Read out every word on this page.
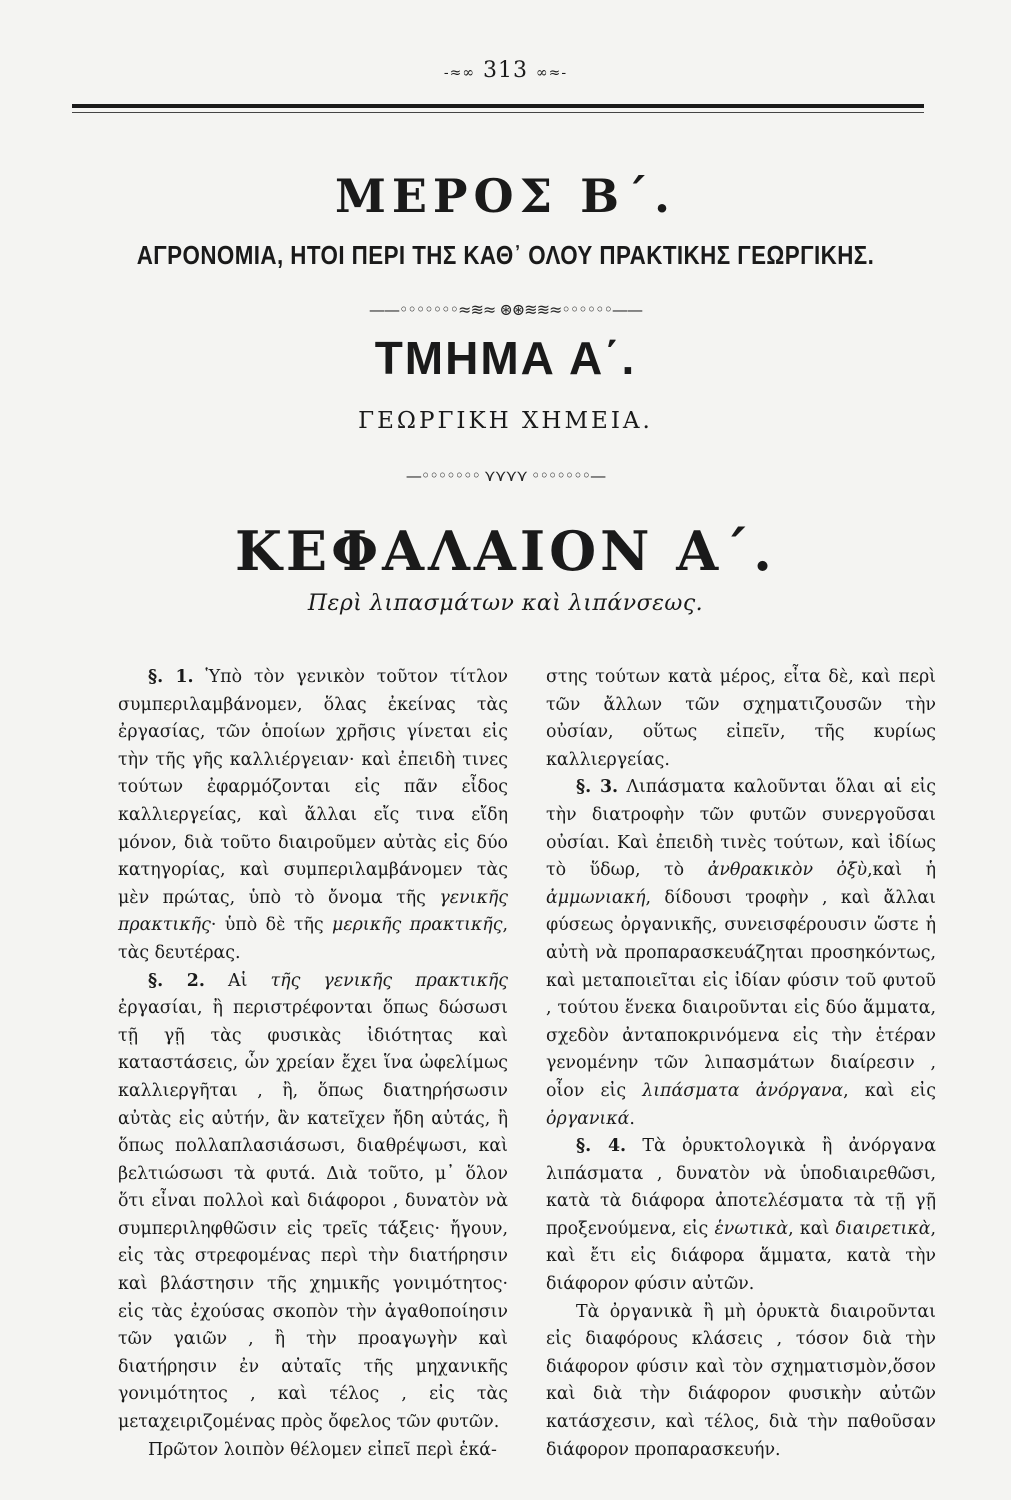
-≈∞ 313 ∞≈-
ΜΕΡΟΣ Β΄.
ΑΓΡΟΝΟΜΙΑ, ΗΤΟΙ ΠΕΡΙ ΤΗΣ ΚΑΘ᾽ ΟΛΟΥ ΠΡΑΚΤΙΚΗΣ ΓΕΩΡΓΙΚΗΣ.
——◦◦◦◦◦◦◦≈≋≈ ⊛⊛≋≋≈◦◦◦◦◦◦——
ΤΜΗΜΑ Α΄.
ΓΕΩΡΓΙΚΗ ΧΗΜΕΙΑ.
—◦◦◦◦◦◦◦ ⋎⋎⋎⋎ ◦◦◦◦◦◦◦—
ΚΕΦΑΛΑΙΟΝ Α΄.
Περὶ λιπασμάτων καὶ λιπάνσεως.

§. 1. Ὑπὸ τὸν γενικὸν τοῦτον τίτλον συμπεριλαμβάνομεν, ὅλας ἐκείνας τὰς ἐργασίας, τῶν ὁποίων χρῆσις γίνεται εἰς τὴν τῆς γῆς καλλιέργειαν· καὶ ἐπειδὴ τινες τούτων ἐφαρμόζονται εἰς πᾶν εἶδος καλλιεργείας, καὶ ἄλλαι εἴς τινα εἴδη μόνον, διὰ τοῦτο διαιροῦμεν αὐτὰς εἰς δύο κατηγορίας, καὶ συμπεριλαμβάνομεν τὰς μὲν πρώτας, ὑπὸ τὸ ὄνομα τῆς γενικῆς πρακτικῆς· ὑπὸ δὲ τῆς μερικῆς πρακτικῆς, τὰς δευτέρας.

§. 2. Αἱ τῆς γενικῆς πρακτικῆς ἐργασίαι, ἢ περιστρέφονται ὅπως δώσωσι τῇ γῇ τὰς φυσικὰς ἰδιότητας καὶ καταστάσεις, ὧν χρείαν ἔχει ἵνα ὠφελίμως καλλιεργῆται , ἢ, ὅπως διατηρήσωσιν αὐτὰς εἰς αὐτήν, ἂν κατεῖχεν ἤδη αὐτάς, ἢ ὅπως πολλαπλασιάσωσι, διαθρέψωσι, καὶ βελτιώσωσι τὰ φυτά. Διὰ τοῦτο, μ᾽ ὅλον ὅτι εἶναι πολλοὶ καὶ διάφοροι , δυνατὸν νὰ συμπεριληφθῶσιν εἰς τρεῖς τάξεις· ἤγουν, εἰς τὰς στρεφομένας περὶ τὴν διατήρησιν καὶ βλάστησιν τῆς χημικῆς γονιμότητος· εἰς τὰς ἐχούσας σκοπὸν τὴν ἀγαθοποίησιν τῶν γαιῶν , ἢ τὴν προαγωγὴν καὶ διατήρησιν ἐν αὐταῖς τῆς μηχανικῆς γονιμότητος , καὶ τέλος , εἰς τὰς μεταχειριζομένας πρὸς ὄφελος τῶν φυτῶν.

Πρῶτον λοιπὸν θέλομεν εἰπεῖ περὶ ἑκά-

στης τούτων κατὰ μέρος, εἶτα δὲ, καὶ περὶ τῶν ἄλλων τῶν σχηματιζουσῶν τὴν οὐσίαν, οὕτως εἰπεῖν, τῆς κυρίως καλλιεργείας.

§. 3. Λιπάσματα καλοῦνται ὅλαι αἱ εἰς τὴν διατροφὴν τῶν φυτῶν συνεργοῦσαι οὐσίαι. Καὶ ἐπειδὴ τινὲς τούτων, καὶ ἰδίως τὸ ὕδωρ, τὸ ἀνθρακικὸν ὀξὺ,καὶ ἡ ἀμμωνιακή, δίδουσι τροφὴν , καὶ ἄλλαι φύσεως ὀργανικῆς, συνεισφέρουσιν ὥστε ἡ αὐτὴ νὰ προπαρασκευάζηται προσηκόντως, καὶ μεταποιεῖται εἰς ἰδίαν φύσιν τοῦ φυτοῦ , τούτου ἕνεκα διαιροῦνται εἰς δύο ἅμματα, σχεδὸν ἀνταποκρινόμενα εἰς τὴν ἑτέραν γενομένην τῶν λιπασμάτων διαίρεσιν , οἷον εἰς λιπάσματα ἀνόργανα, καὶ εἰς ὀργανικά.

§. 4. Τὰ ὀρυκτολογικὰ ἢ ἀνόργανα λιπάσματα , δυνατὸν νὰ ὑποδιαιρεθῶσι, κατὰ τὰ διάφορα ἀποτελέσματα τὰ τῇ γῇ προξενούμενα, εἰς ἑνωτικὰ, καὶ διαιρετικὰ, καὶ ἔτι εἰς διάφορα ἅμματα, κατὰ τὴν διάφορον φύσιν αὐτῶν.

Τὰ ὀργανικὰ ἢ μὴ ὀρυκτὰ διαιροῦνται εἰς διαφόρους κλάσεις , τόσον διὰ τὴν διάφορον φύσιν καὶ τὸν σχηματισμὸν,ὅσον καὶ διὰ τὴν διάφορον φυσικὴν αὐτῶν κατάσχεσιν, καὶ τέλος, διὰ τὴν παθοῦσαν διάφορον προπαρασκευήν.
